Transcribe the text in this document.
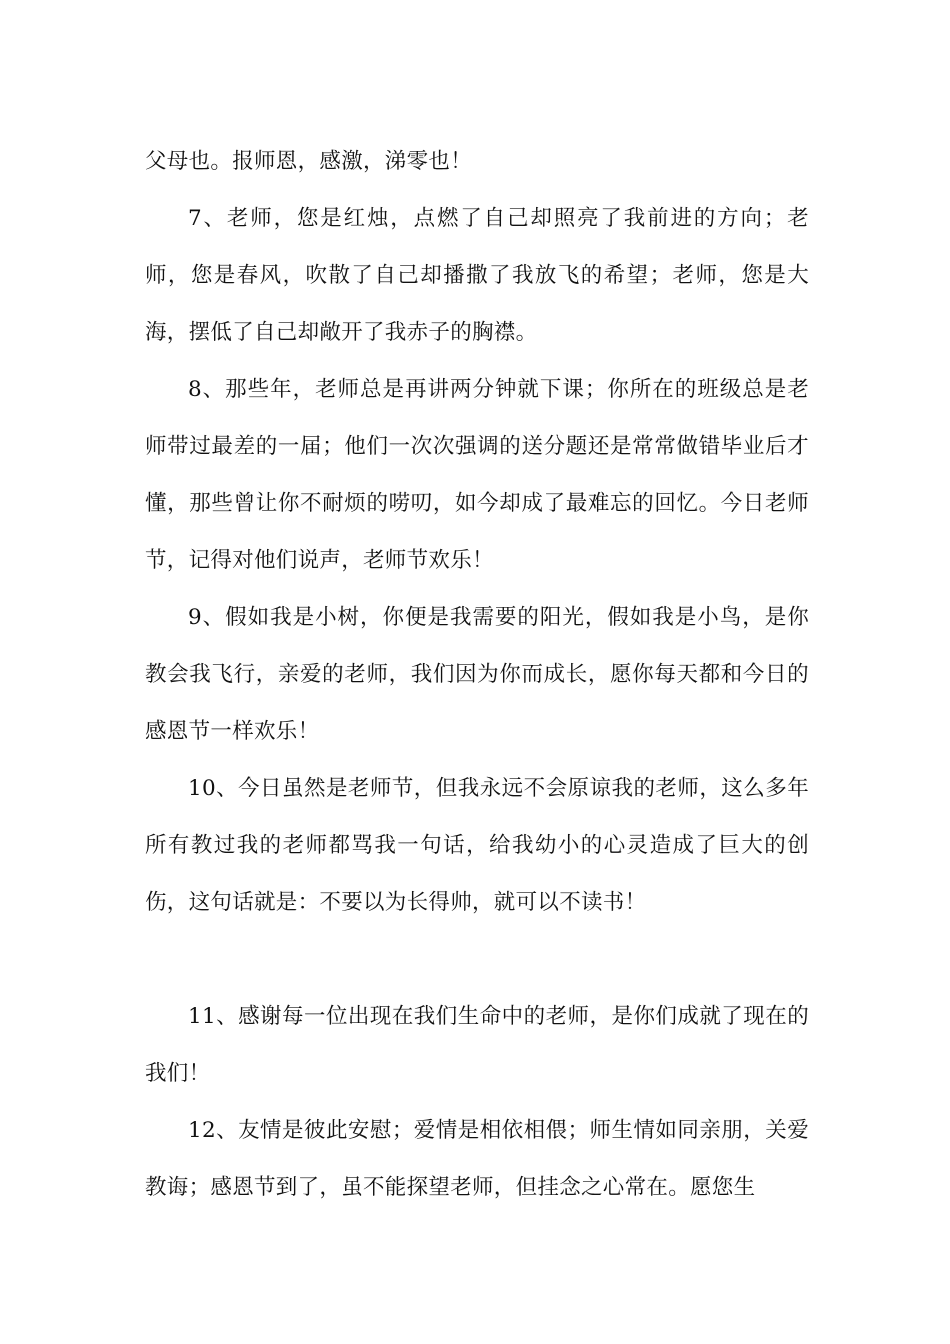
父母也。报师恩，感激，涕零也！

7、老师，您是红烛，点燃了自己却照亮了我前进的方向；老师，您是春风，吹散了自己却播撒了我放飞的希望；老师，您是大海，摆低了自己却敞开了我赤子的胸襟。

8、那些年，老师总是再讲两分钟就下课；你所在的班级总是老师带过最差的一届；他们一次次强调的送分题还是常常做错毕业后才懂，那些曾让你不耐烦的唠叨，如今却成了最难忘的回忆。今日老师节，记得对他们说声，老师节欢乐！

9、假如我是小树，你便是我需要的阳光，假如我是小鸟，是你教会我飞行，亲爱的老师，我们因为你而成长，愿你每天都和今日的感恩节一样欢乐！

10、今日虽然是老师节，但我永远不会原谅我的老师，这么多年所有教过我的老师都骂我一句话，给我幼小的心灵造成了巨大的创伤，这句话就是：不要以为长得帅，就可以不读书！

11、感谢每一位出现在我们生命中的老师，是你们成就了现在的我们！

12、友情是彼此安慰；爱情是相依相偎；师生情如同亲朋，关爱教诲；感恩节到了，虽不能探望老师，但挂念之心常在。愿您生
